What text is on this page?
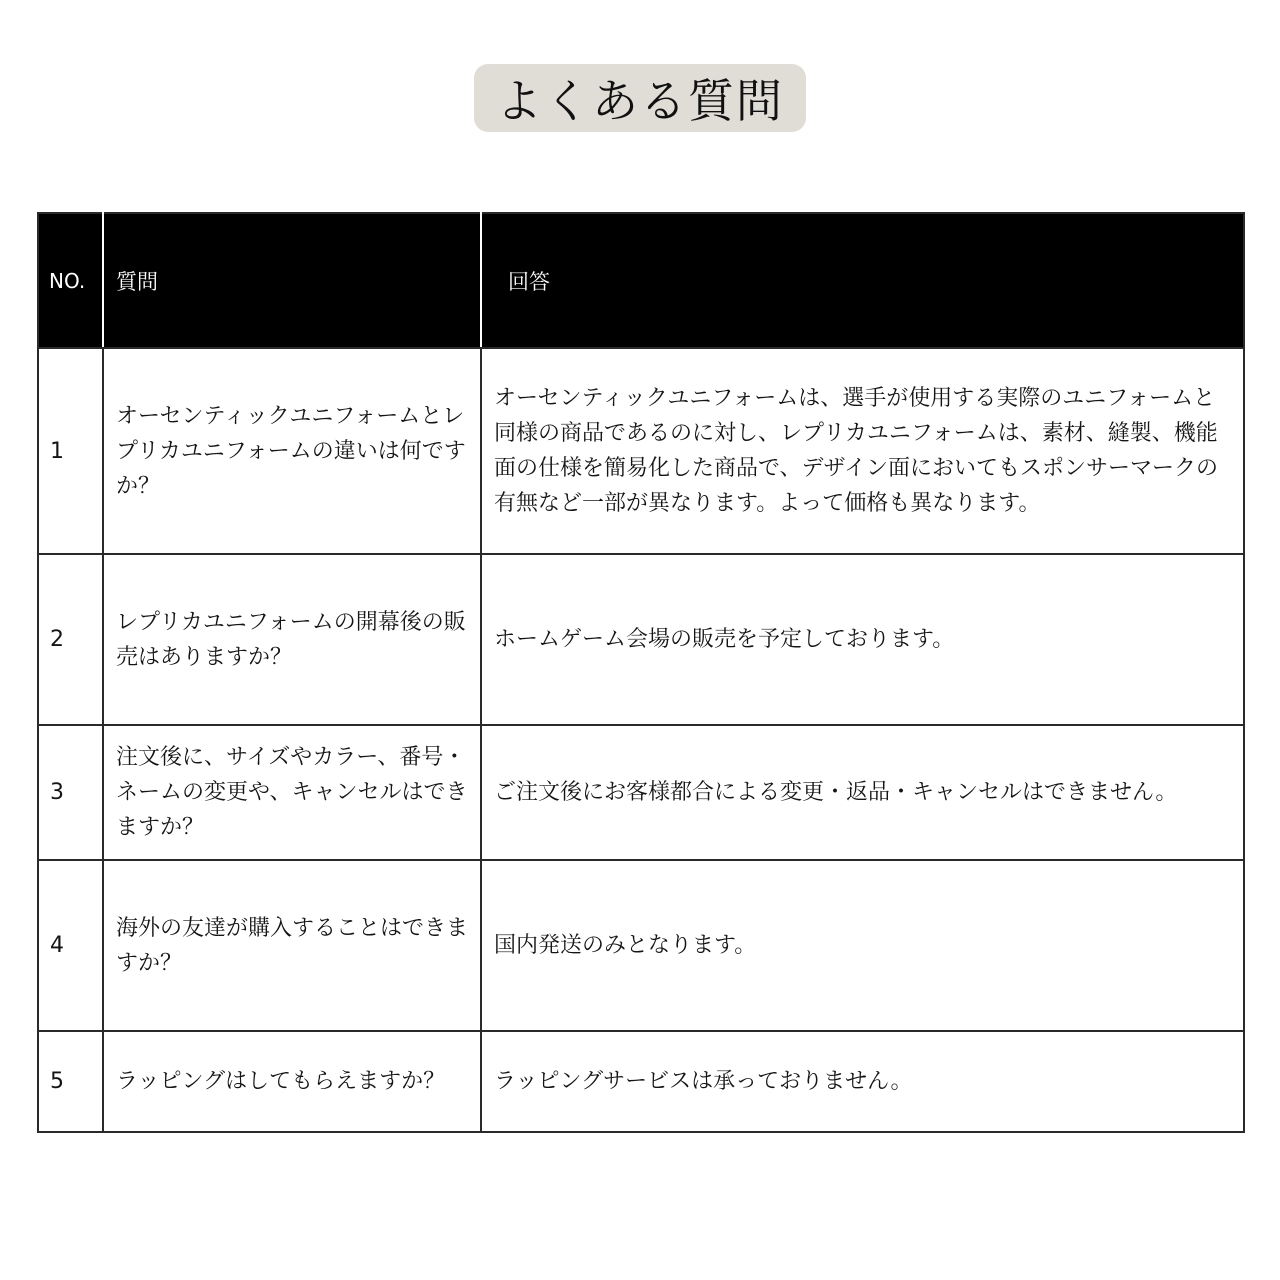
よくある質問
NO.	質問	回答
1	オーセンティックユニフォームとレプリカユニフォームの違いは何ですか？	オーセンティックユニフォームは、選手が使用する実際のユニフォームと同様の商品であるのに対し、レプリカユニフォームは、素材、縫製、機能面の仕様を簡易化した商品で、デザイン面においてもスポンサーマークの有無など一部が異なります。よって価格も異なります。
2	レプリカユニフォームの開幕後の販売はありますか？	ホームゲーム会場の販売を予定しております。
3	注文後に、サイズやカラー、番号・ネームの変更や、キャンセルはできますか？	ご注文後にお客様都合による変更・返品・キャンセルはできません。
4	海外の友達が購入することはできますか？	国内発送のみとなります。
5	ラッピングはしてもらえますか？	ラッピングサービスは承っておりません。
